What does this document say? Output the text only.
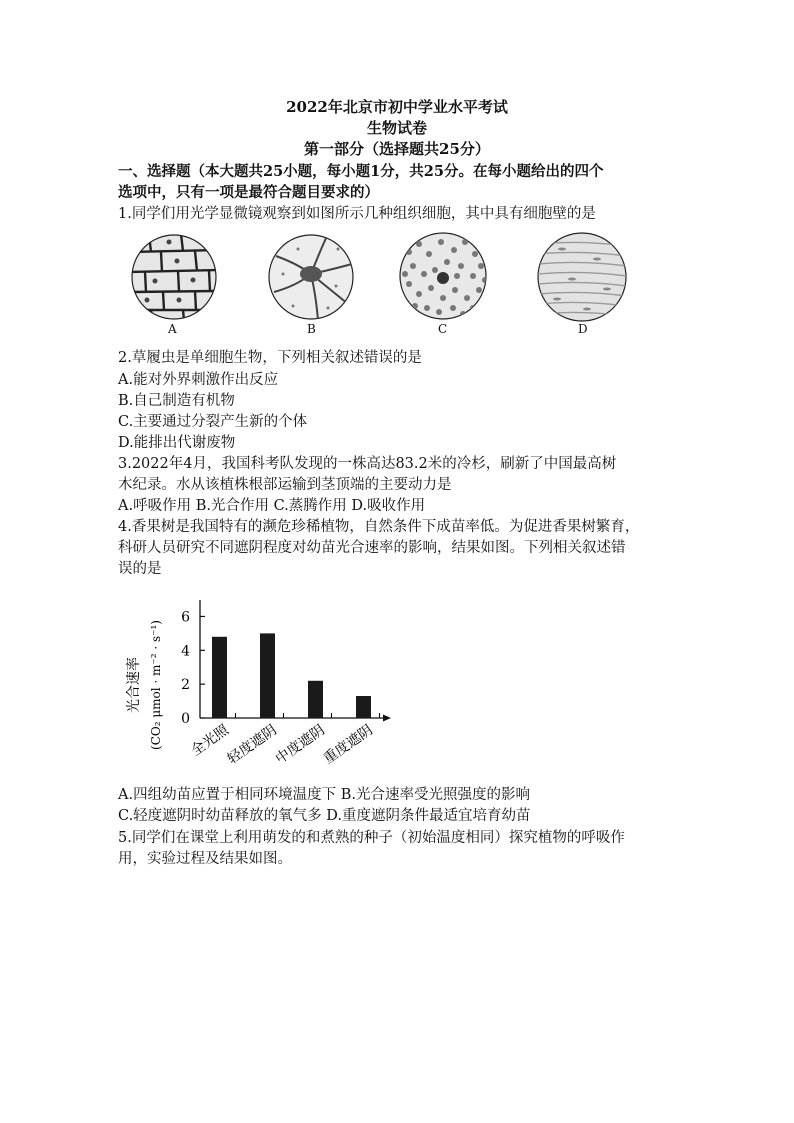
2022年北京市初中学业水平考试
生物试卷
第一部分（选择题共25分）
一、选择题（本大题共25小题，每小题1分，共25分。在每小题给出的四个
选项中，只有一项是最符合题目要求的）
1.同学们用光学显微镜观察到如图所示几种组织细胞，其中具有细胞壁的是
A	B	C	D
2.草履虫是单细胞生物，下列相关叙述错误的是
A.能对外界刺激作出反应
B.自己制造有机物
C.主要通过分裂产生新的个体
D.能排出代谢废物
3.2022年4月，我国科考队发现的一株高达83.2米的冷杉，刷新了中国最高树
木纪录。水从该植株根部运输到茎顶端的主要动力是
A.呼吸作用 B.光合作用 C.蒸腾作用 D.吸收作用
4.香果树是我国特有的濒危珍稀植物，自然条件下成苗率低。为促进香果树繁育，
科研人员研究不同遮阴程度对幼苗光合速率的影响，结果如图。下列相关叙述错
误的是
光合速率 (CO₂ μmol · m⁻² · s⁻¹) 0
2
4
6
全光照
轻度遮阴
中度遮阴
重度遮阴
A.四组幼苗应置于相同环境温度下 B.光合速率受光照强度的影响
C.轻度遮阴时幼苗释放的氧气多 D.重度遮阴条件最适宜培育幼苗
5.同学们在课堂上利用萌发的和煮熟的种子（初始温度相同）探究植物的呼吸作
用，实验过程及结果如图。
